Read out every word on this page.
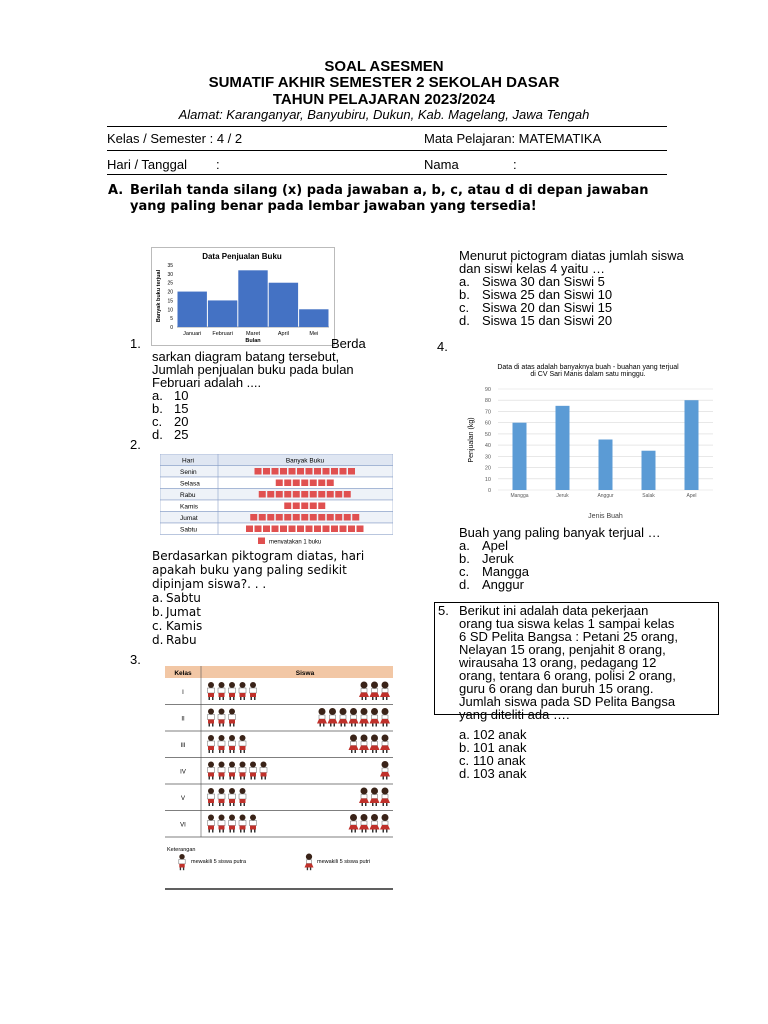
SOAL ASESMEN
SUMATIF AKHIR SEMESTER 2 SEKOLAH DASAR
TAHUN PELAJARAN 2023/2024
Alamat: Karanganyar, Banyubiru, Dukun, Kab. Magelang, Jawa Tengah
Kelas / Semester : 4 / 2	Mata Pelajaran: MATEMATIKA
Hari / Tanggal :	Nama	:
A. Berilah tanda silang (x) pada jawaban a, b, c, atau d di depan jawaban yang paling benar pada lembar jawaban yang tersedia!
Data Penjualan Buku
Banyak buku terjual
0
5
10
15
20
25
30
35
Januari Februari Maret	April	Mei
Bulan
1.	Berda
sarkan diagram batang tersebut, Jumlah penjualan buku pada bulan Februari adalah ....
a. 10
b. 15
c. 20
d. 25
2.
Hari	Banyak Buku
Senin
Selasa
Rabu
Kamis
Jumat
Sabtu
menyatakan 1 buku
Berdasarkan piktogram diatas, hari apakah buku yang paling sedikit dipinjam siswa?. . .
a. Sabtu
b. Jumat
c. Kamis
d. Rabu
3.
Kelas	Siswa
I
II
III
IV
V
VI
Keterangan
mewakili 5 siswa putra	mewakili 5 siswa putri
Menurut pictogram diatas jumlah siswa dan siswi kelas 4 yaitu …
a. Siswa 30 dan Siswi 5
b. Siswa 25 dan Siswi 10
c. Siswa 20 dan Siswi 15
d. Siswa 15 dan Siswi 20
4.
Data di atas adalah banyaknya buah - buahan yang terjual
di CV Sari Manis dalam satu minggu.
Penjualan (kg)
0
10
20
30
40
50
60
70
80
90
Mangga	Jeruk	Anggur	Salak	Apel
Jenis Buah
Buah yang paling banyak terjual …
a. Apel
b. Jeruk
c. Mangga
d. Anggur
5. Berikut ini adalah data pekerjaan orang tua siswa kelas 1 sampai kelas 6 SD Pelita Bangsa : Petani 25 orang, Nelayan 15 orang, penjahit 8 orang, wirausaha 13 orang, pedagang 12 orang, tentara 6 orang, polisi 2 orang, guru 6 orang dan buruh 15 orang. Jumlah siswa pada SD Pelita Bangsa yang diteliti ada ….
a. 102 anak
b. 101 anak
c. 110 anak
d. 103 anak
